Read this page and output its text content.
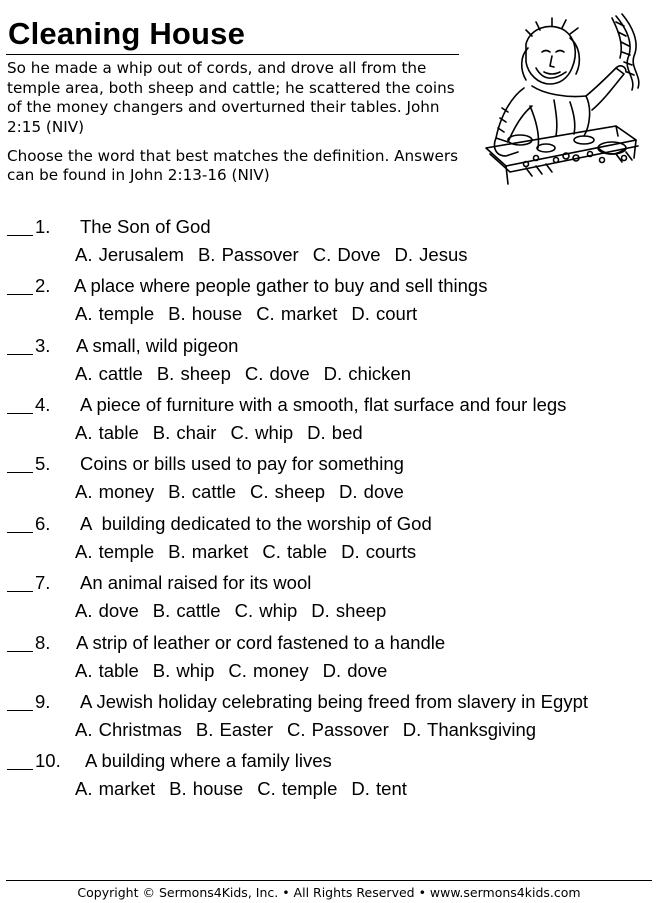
Cleaning House
So he made a whip out of cords, and drove all from the temple area, both sheep and cattle; he scattered the coins of the money changers and overturned their tables. John 2:15 (NIV)
Choose the word that best matches the definition. Answers can be found in John 2:13-16 (NIV)
1. The Son of God
A. Jerusalem B. Passover C. Dove D. Jesus
2. A place where people gather to buy and sell things
A. temple B. house C. market D. court
3. A small, wild pigeon
A. cattle B. sheep C. dove D. chicken
4. A piece of furniture with a smooth, flat surface and four legs
A. table B. chair C. whip D. bed
5. Coins or bills used to pay for something
A. money B. cattle C. sheep D. dove
6. A  building dedicated to the worship of God
A. temple B. market C. table D. courts
7. An animal raised for its wool
A. dove B. cattle C. whip D. sheep
8. A strip of leather or cord fastened to a handle
A. table B. whip C. money D. dove
9. A Jewish holiday celebrating being freed from slavery in Egypt
A. Christmas B. Easter C. Passover D. Thanksgiving
10. A building where a family lives
A. market B. house C. temple D. tent
Copyright © Sermons4Kids, Inc. • All Rights Reserved • www.sermons4kids.com
